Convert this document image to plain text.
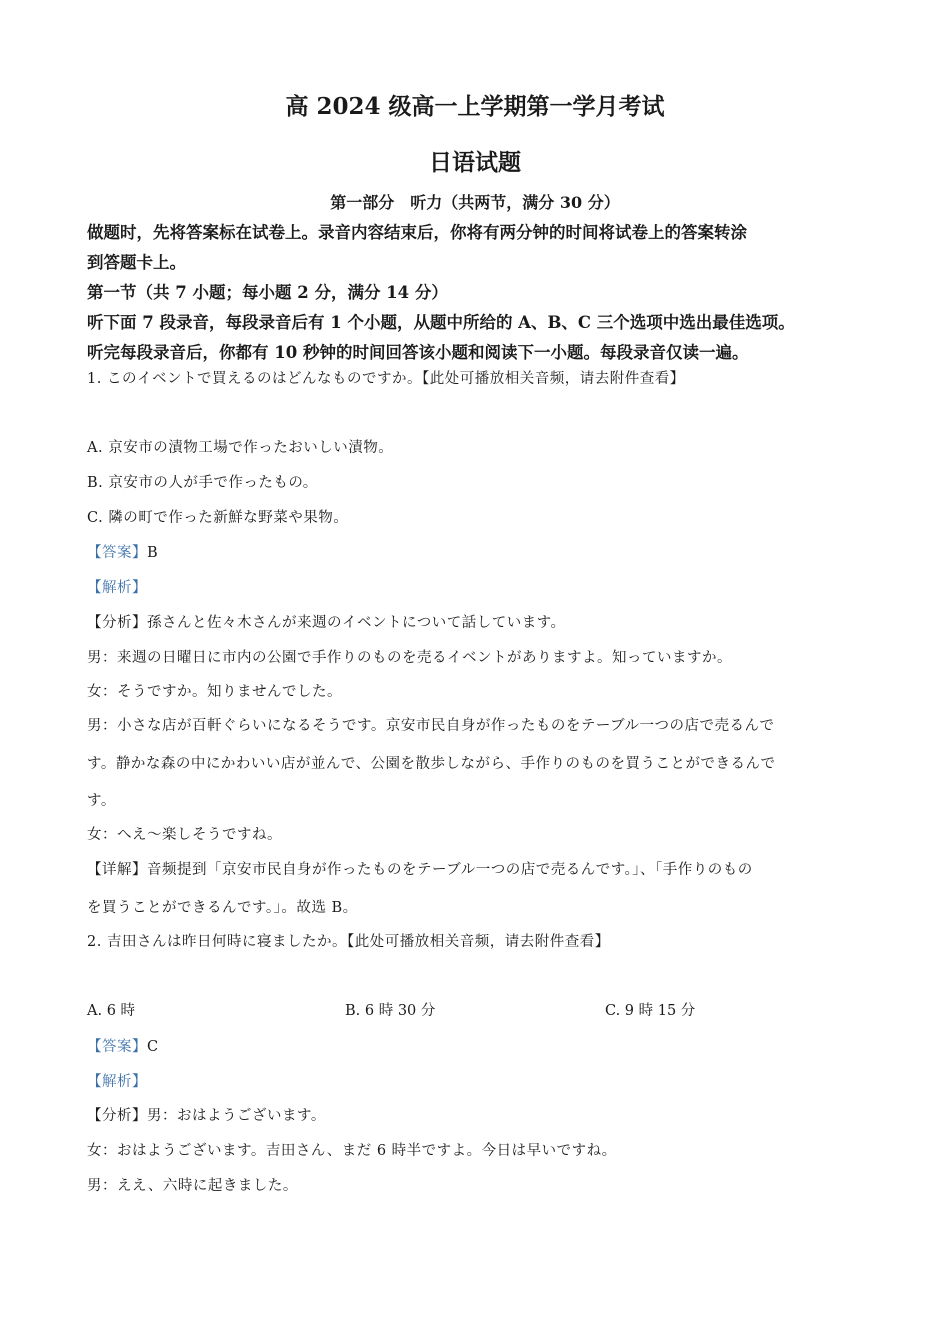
高 2024 级高一上学期第一学月考试
日语试题
第一部分　听力（共两节，满分 30 分）
做题时，先将答案标在试卷上。录音内容结束后，你将有两分钟的时间将试卷上的答案转涂
到答题卡上。
第一节（共 7 小题；每小题 2 分，满分 14 分）
听下面 7 段录音，每段录音后有 1 个小题，从题中所给的 A、B、C 三个选项中选出最佳选项。
听完每段录音后，你都有 10 秒钟的时间回答该小题和阅读下一小题。每段录音仅读一遍。
1. このイベントで買えるのはどんなものですか。【此处可播放相关音频，请去附件查看】
A. 京安市の漬物工場で作ったおいしい漬物。
B. 京安市の人が手で作ったもの。
C. 隣の町で作った新鮮な野菜や果物。
【答案】B
【解析】
【分析】孫さんと佐々木さんが来週のイベントについて話しています。
男：来週の日曜日に市内の公園で手作りのものを売るイベントがありますよ。知っていますか。
女：そうですか。知りませんでした。
男：小さな店が百軒ぐらいになるそうです。京安市民自身が作ったものをテーブル一つの店で売るんで
す。静かな森の中にかわいい店が並んで、公園を散歩しながら、手作りのものを買うことができるんで
す。
女：へえ～楽しそうですね。
【详解】音频提到「京安市民自身が作ったものをテーブル一つの店で売るんです。」、「手作りのもの
を買うことができるんです。」。故选 B。
2. 吉田さんは昨日何時に寝ましたか。【此处可播放相关音频，请去附件查看】
A. 6 時	B. 6 時 30 分	C. 9 時 15 分
【答案】C
【解析】
【分析】男：おはようございます。
女：おはようございます。吉田さん、まだ 6 時半ですよ。今日は早いですね。
男：ええ、六時に起きました。
